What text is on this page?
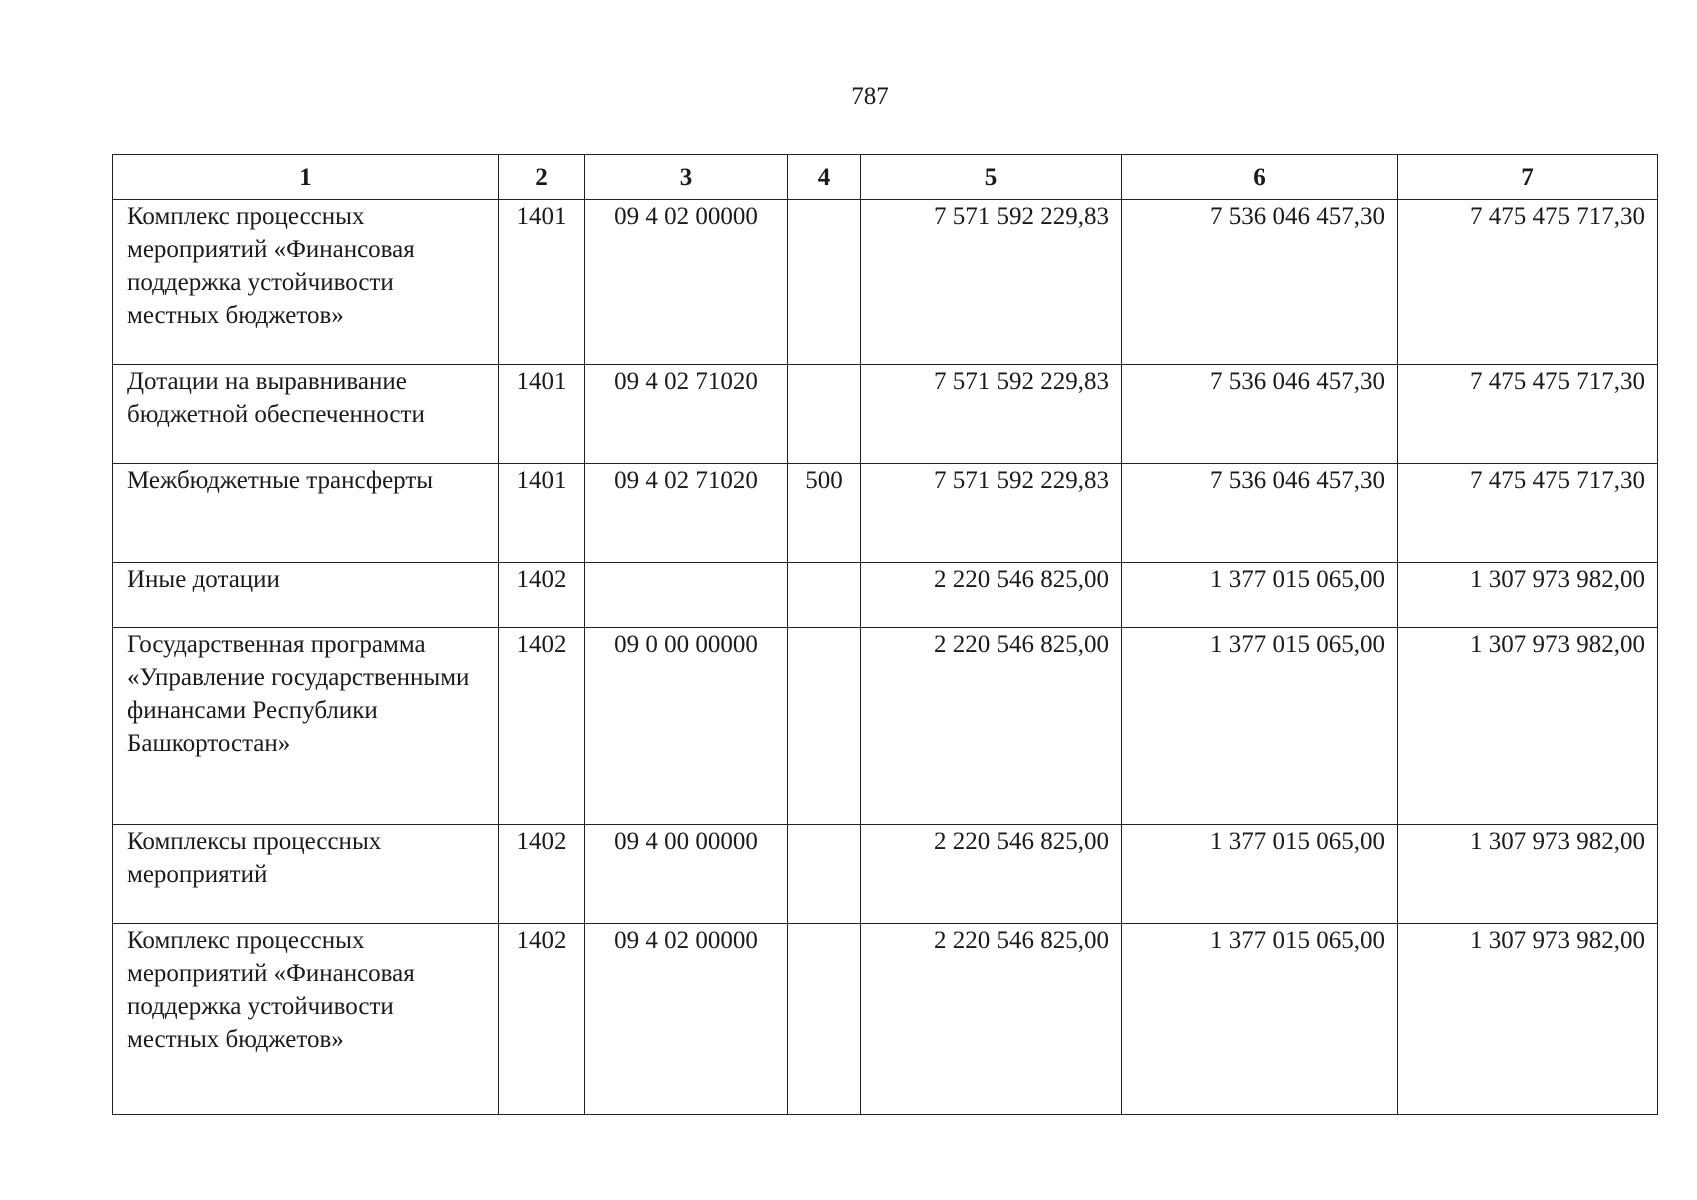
787
1	2	3	4	5	6	7
Комплекс процессных мероприятий «Финансовая поддержка устойчивости местных бюджетов»	1401	09 4 02 00000		7 571 592 229,83	7 536 046 457,30	7 475 475 717,30
Дотации на выравнивание бюджетной обеспеченности	1401	09 4 02 71020		7 571 592 229,83	7 536 046 457,30	7 475 475 717,30
Межбюджетные трансферты	1401	09 4 02 71020	500	7 571 592 229,83	7 536 046 457,30	7 475 475 717,30
Иные дотации	1402			2 220 546 825,00	1 377 015 065,00	1 307 973 982,00
Государственная программа «Управление государственными финансами Республики Башкортостан»	1402	09 0 00 00000		2 220 546 825,00	1 377 015 065,00	1 307 973 982,00
Комплексы процессных мероприятий	1402	09 4 00 00000		2 220 546 825,00	1 377 015 065,00	1 307 973 982,00
Комплекс процессных мероприятий «Финансовая поддержка устойчивости местных бюджетов»	1402	09 4 02 00000		2 220 546 825,00	1 377 015 065,00	1 307 973 982,00
